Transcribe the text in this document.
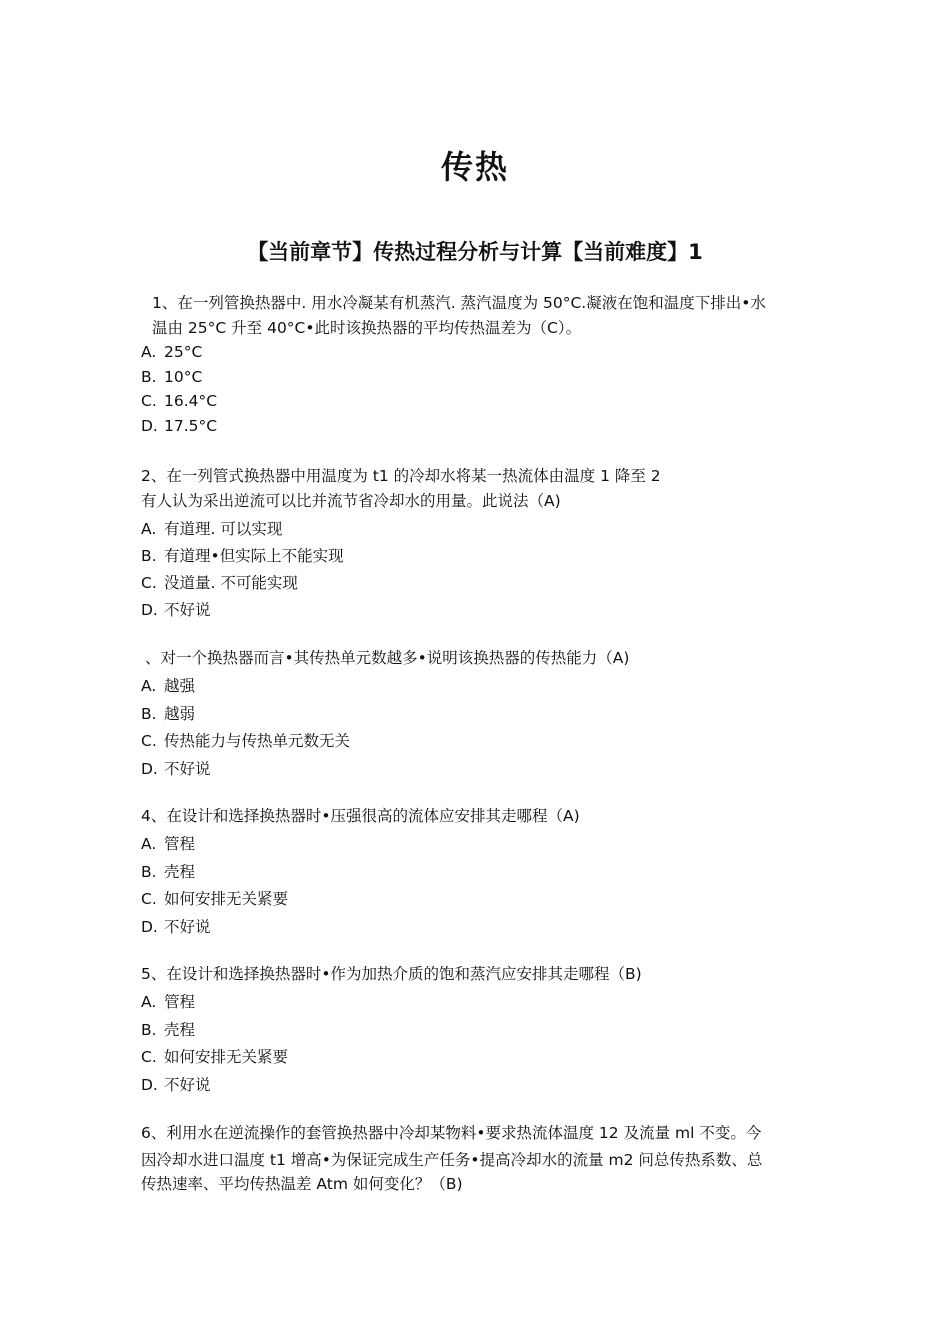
传热
【当前章节】传热过程分析与计算【当前难度】1
1、在一列管换热器中. 用水冷凝某有机蒸汽. 蒸汽温度为 50°C.凝液在饱和温度下排出•水
温由 25°C 升至 40°C•此时该换热器的平均传热温差为（C）。
A. 25°C
B. 10°C
C. 16.4°C
D. 17.5°C
2、在一列管式换热器中用温度为 t1 的冷却水将某一热流体由温度 1 降至 2
有人认为采出逆流可以比并流节省冷却水的用量。此说法（A)
A. 有道理. 可以实现
B. 有道理•但实际上不能实现
C. 没道量. 不可能实现
D. 不好说
、对一个换热器而言•其传热单元数越多•说明该换热器的传热能力（A)
A. 越强
B. 越弱
C. 传热能力与传热单元数无关
D. 不好说
4、在设计和选择换热器时•压强很高的流体应安排其走哪程（A)
A. 管程
B. 壳程
C. 如何安排无关紧要
D. 不好说
5、在设计和选择换热器时•作为加热介质的饱和蒸汽应安排其走哪程（B)
A. 管程
B. 壳程
C. 如何安排无关紧要
D. 不好说
6、利用水在逆流操作的套管换热器中冷却某物料•要求热流体温度 12 及流量 ml 不变。今
因冷却水进口温度 t1 增高•为保证完成生产任务•提高冷却水的流量 m2 问总传热系数、总
传热速率、平均传热温差 Atm 如何变化？（B)
